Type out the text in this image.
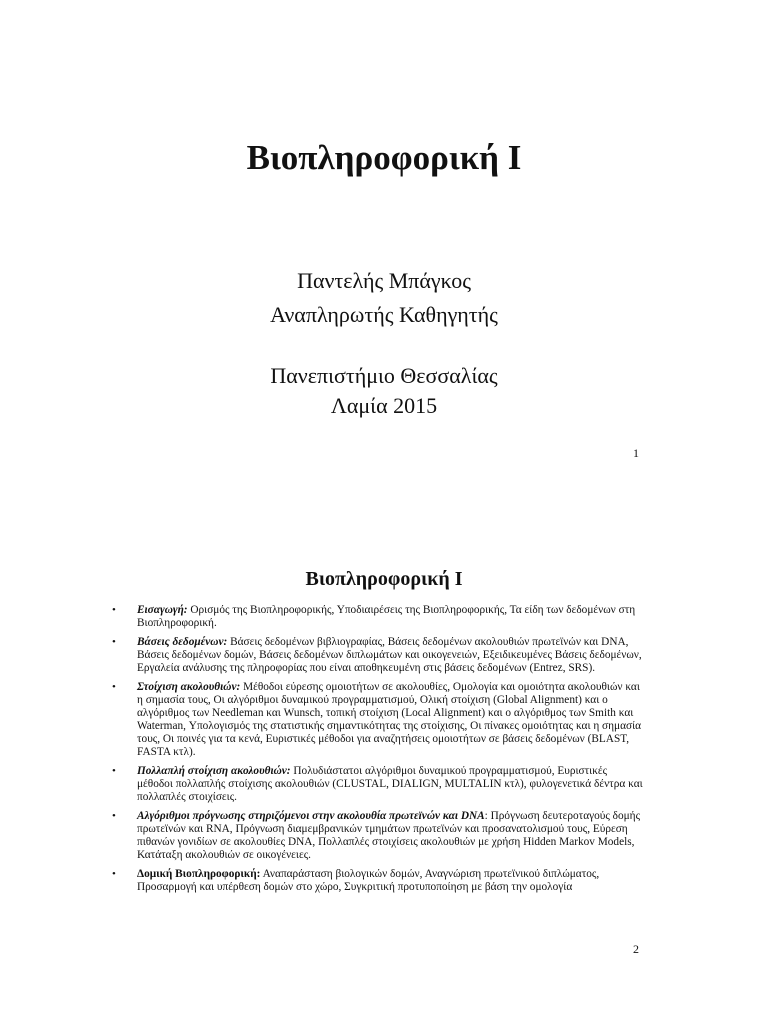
Βιοπληροφορική Ι

Παντελής Μπάγκος

Αναπληρωτής Καθηγητής

Πανεπιστήμιο Θεσσαλίας

Λαμία 2015

1
Βιοπληροφορική Ι
• Εισαγωγή: Ορισμός της Βιοπληροφορικής, Υποδιαιρέσεις της Βιοπληροφορικής, Τα είδη των δεδομένων στη Βιοπληροφορική.
• Βάσεις δεδομένων: Βάσεις δεδομένων βιβλιογραφίας, Βάσεις δεδομένων ακολουθιών πρωτεϊνών και DNA, Βάσεις δεδομένων δομών, Βάσεις δεδομένων διπλωμάτων και οικογενειών, Εξειδικευμένες Βάσεις δεδομένων, Εργαλεία ανάλυσης της πληροφορίας που είναι αποθηκευμένη στις βάσεις δεδομένων (Entrez, SRS).
• Στοίχιση ακολουθιών: Μέθοδοι εύρεσης ομοιοτήτων σε ακολουθίες, Ομολογία και ομοιότητα ακολουθιών και η σημασία τους, Οι αλγόριθμοι δυναμικού προγραμματισμού, Ολική στοίχιση (Global Alignment) και ο αλγόριθμος των Needleman και Wunsch, τοπική στοίχιση (Local Alignment) και ο αλγόριθμος των Smith και Waterman, Υπολογισμός της στατιστικής σημαντικότητας της στοίχισης, Οι πίνακες ομοιότητας και η σημασία τους, Οι ποινές για τα κενά, Ευριστικές μέθοδοι για αναζητήσεις ομοιοτήτων σε βάσεις δεδομένων (BLAST, FASTA κτλ).
• Πολλαπλή στοίχιση ακολουθιών: Πολυδιάστατοι αλγόριθμοι δυναμικού προγραμματισμού, Ευριστικές μέθοδοι πολλαπλής στοίχισης ακολουθιών (CLUSTAL, DIALIGN, MULTALIN κτλ), φυλογενετικά δέντρα και πολλαπλές στοιχίσεις.
• Αλγόριθμοι πρόγνωσης στηριζόμενοι στην ακολουθία πρωτεϊνών και DNA: Πρόγνωση δευτεροταγούς δομής πρωτεϊνών και RNA, Πρόγνωση διαμεμβρανικών τμημάτων πρωτεϊνών και προσανατολισμού τους, Εύρεση πιθανών γονιδίων σε ακολουθίες DNA, Πολλαπλές στοιχίσεις ακολουθιών με χρήση Hidden Markov Models, Κατάταξη ακολουθιών σε οικογένειες.
• Δομική Βιοπληροφορική: Αναπαράσταση βιολογικών δομών, Αναγνώριση πρωτεϊνικού διπλώματος, Προσαρμογή και υπέρθεση δομών στο χώρο, Συγκριτική προτυποποίηση με βάση την ομολογία
2
